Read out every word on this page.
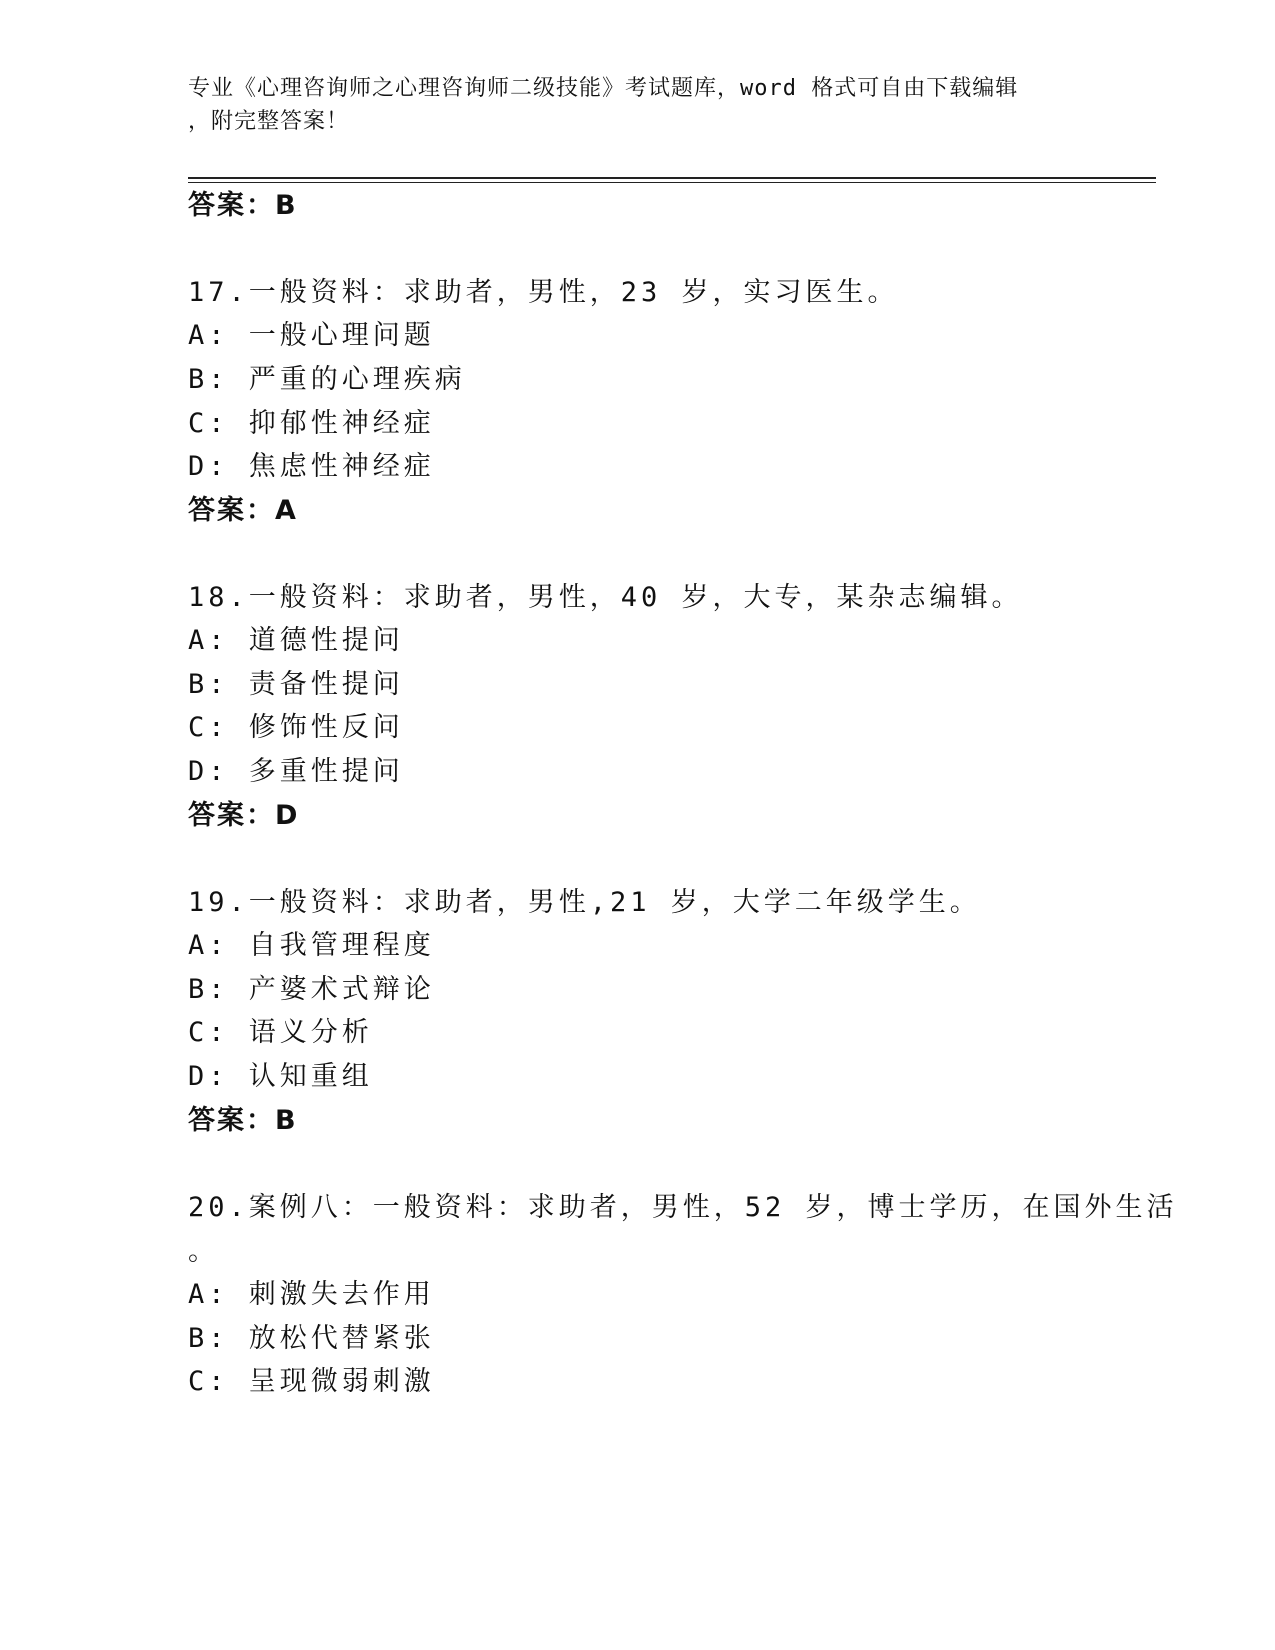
专业《心理咨询师之心理咨询师二级技能》考试题库，word 格式可自由下载编辑
，附完整答案！
答案：B
17.一般资料：求助者，男性，23 岁，实习医生。
A: 一般心理问题
B: 严重的心理疾病
C: 抑郁性神经症
D: 焦虑性神经症
答案：A
18.一般资料：求助者，男性，40 岁，大专，某杂志编辑。
A: 道德性提问
B: 责备性提问
C: 修饰性反问
D: 多重性提问
答案：D
19.一般资料：求助者，男性,21 岁，大学二年级学生。
A: 自我管理程度
B: 产婆术式辩论
C: 语义分析
D: 认知重组
答案：B
20.案例八：一般资料：求助者，男性，52 岁，博士学历，在国外生活
。
A: 刺激失去作用
B: 放松代替紧张
C: 呈现微弱刺激
